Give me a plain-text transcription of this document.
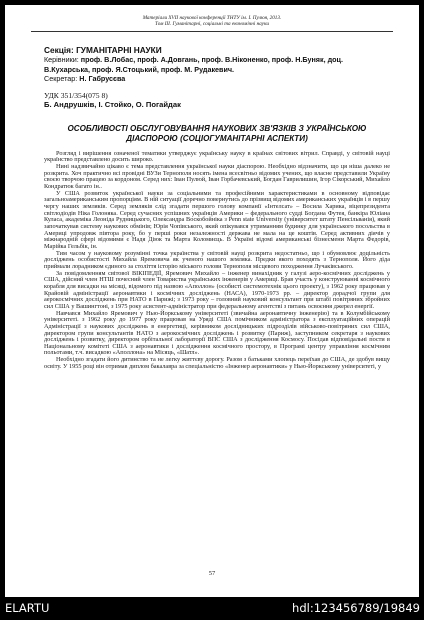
Матеріали XVII наукової конференції ТНТУ ім. І. Пулюя, 2013.
Том III. Гуманітарні, соціальні та економічні науки
Секція: ГУМАНІТАРНІ НАУКИ
Керівники: проф. В.Лобас, проф. А.Довгань, проф. В.Ніконенко, проф. Н.Буняк, доц. В.Кухарська, проф. Я.Стоцький, проф. М. Рудакевич.
Секретар: Н. Габрусєва
УДК 351/354(075 8)
Б. Андрушків, І. Стойко, О. Погайдак
ОСОБЛИВОСТІ ОБСЛУГОВУВАННЯ НАУКОВИХ ЗВ'ЯЗКІВ З УКРАЇНСЬКОЮ ДІАСПОРОЮ (СОЦІОГУМАНІТАРНІ АСПЕКТИ)

Розгляд і вирішення означеної тематики утверджує українську науку в країнах світових вітрил. Справді, у світовій науці українство представлено досить широко.

Нині надзвичайно цікаво є тема представлення української науки діаспорою. Необхідно відзначити, що ця ніша далеко не розкрита. Хоч практично всі провідні ВУЗи Тернополя носять імена всесвітньо відомих учених, що власне представили Україну своєю творчою працею за кордоном. Серед них: Іван Пулюй, Іван Горбачевський, Богдан Гаврилишин, Ігор Сікорський, Михайло Кондратюк багато ін..

У США розвиток української науки за соціальними та професійними характеристиками в основному відповідає загальноамериканським пропорціям. В ній ситуації доречно повернутись до прізвищ відомих американських українців і в першу чергу наших земляків. Серед земляків слід згадати першого голову компанії «Інтелсат» – Восила Харика, віцепрезидента світлодіодів Ніка Голоняка. Серед сучасних успішних українців Америки – федерального судді Богдана Футея, банкіра Юліана Куласа, академіка Леоніда Рудницького, Олександра Воскобойніка з Penn state University (університет штату Пенсільванія), який започаткував систему наукових обмінів; Юрія Чопівського, який опікувався утриманням будинку для українського посольства в Америці упродовж півтора року, бо у перші роки незалежності держава не мала на це коштів. Серед активних діячів у міжнародній сфері відомими є Надя Діюк та Марта Коломиєць. В Україні відомі американські бізнесмени Марта Федорів, Марійка Гельбік, ін.

Тим часом у науковому розумінні точка українства у світовій науці розкрита недостатньо, що і обумовлює доцільність досліджень особистості Михайла Яремовича як ученого нашого земляка. Предки якого походять з Тернополя. Його діда приймали лорадником єдиного за століття історію міського голови Тернополя місцевого походження Лучаківського.

За повідомленням світової ВІКІПЕДІЇ, Яремович Михайло – інженер винахідник у галузі аеро-космічних досліджень у США, дійсний член НТШ почесний член Товариства українських інженерів у Америці. Брав участь у конструюванні космічного корабля для висадки на місяці, відомого під назвою «Аполлон» (особисті системотехнік цього проекту), з 1962 року працював у Крайовій адміністрації аеронавтики і космічних досліджень (НАСА), 1970-1973 рр. – директор дорадчої групи для аерокосмічних досліджень при НАТО в Парижі; з 1973 року – головний науковий консультант при штабі повітряних збройних сил США у Вашингтоні, з 1975 року асистент-адміністратор при федеральному агентстві з питань освоєння джерел енергії.

Навчався Михайло Яремович у Нью-Йоркському університеті (звичайна аеронавтичну інженерію) та в Колумбійському університеті. з 1962 року до 1977 року працював на Урядi США помічником адміністратора з експлуатаційних операцій Адміністрації з наукових досліджень в енергетиці, керівником дослідницьких підрозділів військово-повітряних сил США, директором групи консультантів НАТО з аерокосмічних досліджень і розвитку (Париж), заступником секретаря з наукових досліджень і розвитку, директором орбітальної лабораторії ВПС США з дослідження Космосу. Посідав відповідальні пости в Національному комітеті США з аеронавтики і дослідження космічного простору, в Програмі центру управління космічним польотами, т.ч. висадкою «Аполлона» на Місяць, «Шатл».

Необхідно згадати його дитинство та не легку життєву дорогу. Разом з батьками хлопець переїхав до США, де здобув вищу освіту. У 1955 році він отримав диплом бакалавра за спеціальністю «Інженер аеронавтики» у Нью-Йоркському університеті, у

57
ELARTU	hdl:123456789/19849
